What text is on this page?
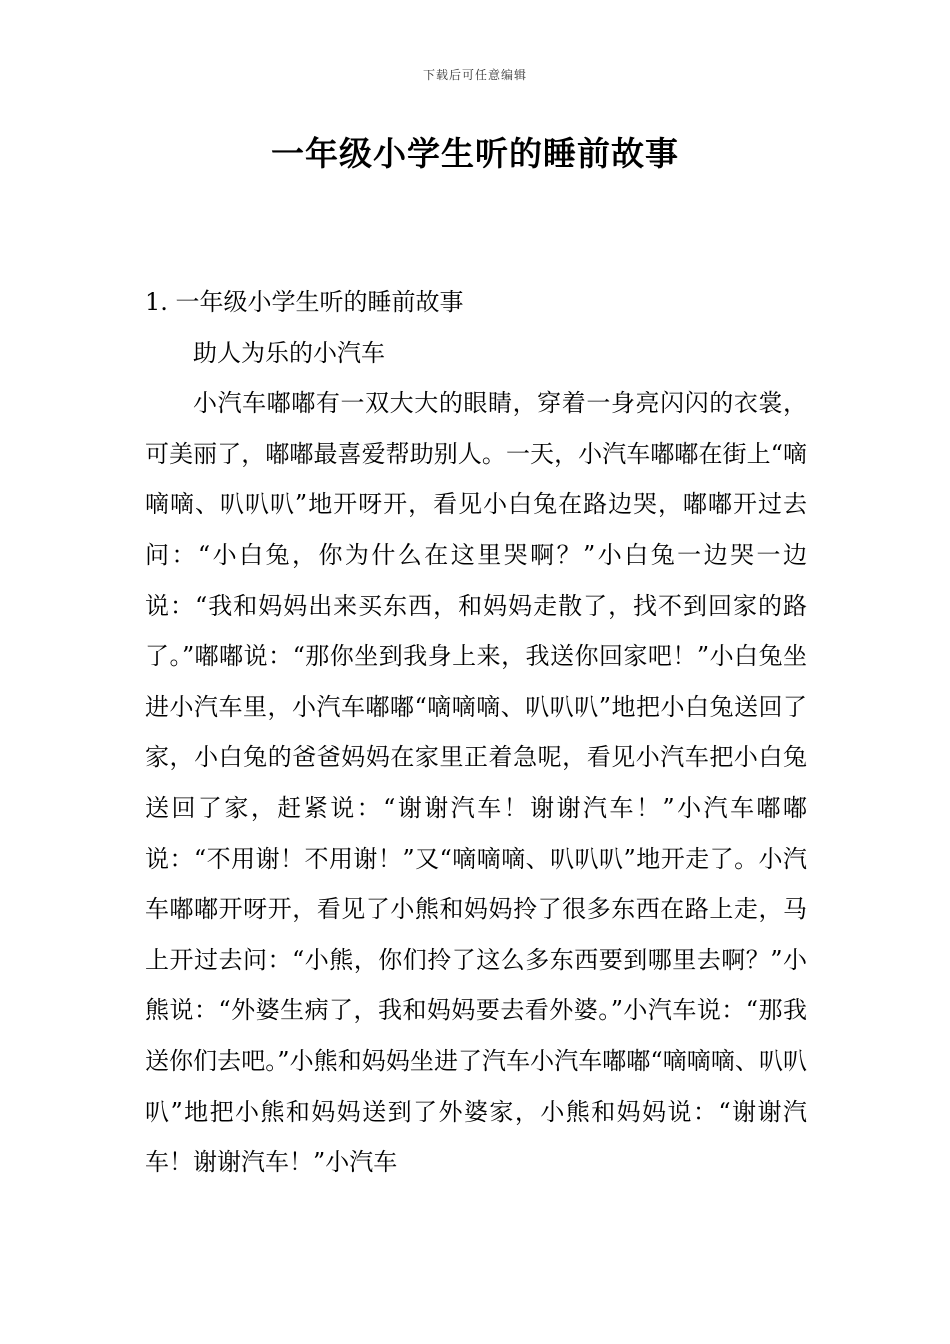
下载后可任意编辑
一年级小学生听的睡前故事

1. 一年级小学生听的睡前故事

助人为乐的小汽车

小汽车嘟嘟有一双大大的眼睛，穿着一身亮闪闪的衣裳，可美丽了，嘟嘟最喜爱帮助别人。一天，小汽车嘟嘟在街上“嘀嘀嘀、叭叭叭”地开呀开，看见小白兔在路边哭，嘟嘟开过去问：“小白兔，你为什么在这里哭啊？”小白兔一边哭一边说：“我和妈妈出来买东西，和妈妈走散了，找不到回家的路了。”嘟嘟说：“那你坐到我身上来，我送你回家吧！”小白兔坐进小汽车里，小汽车嘟嘟“嘀嘀嘀、叭叭叭”地把小白兔送回了家，小白兔的爸爸妈妈在家里正着急呢，看见小汽车把小白兔送回了家，赶紧说：“谢谢汽车！谢谢汽车！”小汽车嘟嘟说：“不用谢！不用谢！”又“嘀嘀嘀、叭叭叭”地开走了。小汽车嘟嘟开呀开，看见了小熊和妈妈拎了很多东西在路上走，马上开过去问：“小熊，你们拎了这么多东西要到哪里去啊？”小熊说：“外婆生病了，我和妈妈要去看外婆。”小汽车说：“那我送你们去吧。”小熊和妈妈坐进了汽车小汽车嘟嘟“嘀嘀嘀、叭叭叭”地把小熊和妈妈送到了外婆家，小熊和妈妈说：“谢谢汽车！谢谢汽车！”小汽车
